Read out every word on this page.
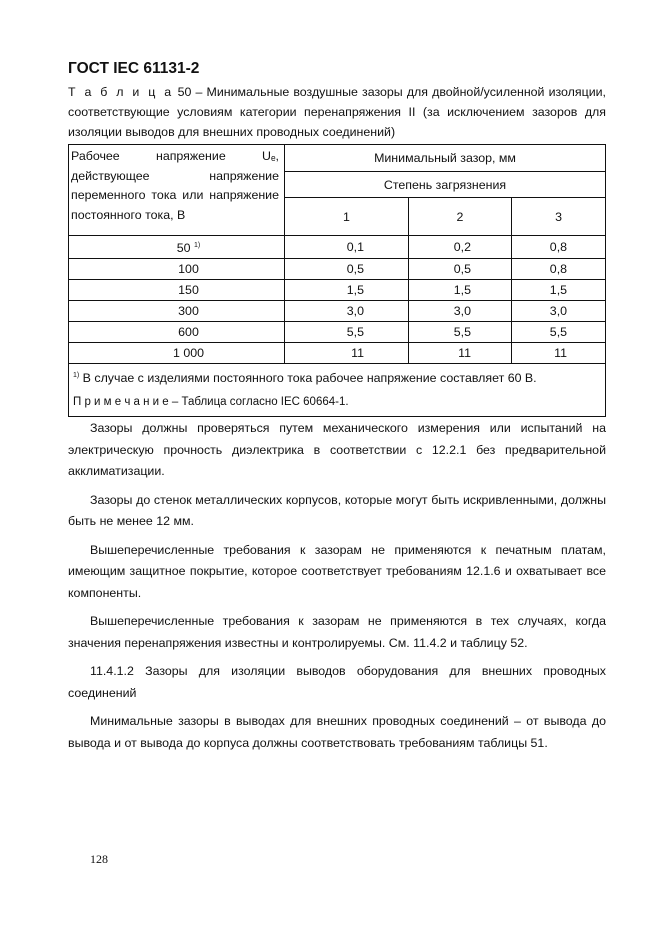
ГОСТ IEC 61131-2
Т а б л и ц а 50 – Минимальные воздушные зазоры для двойной/усиленной изоляции, соответствующие условиям категории перенапряжения II (за исключением зазоров для изоляции выводов для внешних проводных соединений)
Рабочее напряжение Uₑ, действующее напряжение переменного тока или напряжение постоянного тока, В	Минимальный зазор, мм		
	Степень загрязнения		
	1	2	3
50 $^{1)}$	0,1	0,2	0,8
100	0,5	0,5	0,8
150	1,5	1,5	1,5
300	3,0	3,0	3,0
600	5,5	5,5	5,5
1 000	11	11	11

$^{1)}$ В случае с изделиями постоянного тока рабочее напряжение составляет 60 В.
П р и м е ч а н и е – Таблица согласно IEC 60664-1.			

Зазоры должны проверяться путем механического измерения или испытаний на электрическую прочность диэлектрика в соответствии с 12.2.1 без предварительной акклиматизации.

Зазоры до стенок металлических корпусов, которые могут быть искривленными, должны быть не менее 12 мм.

Вышеперечисленные требования к зазорам не применяются к печатным платам, имеющим защитное покрытие, которое соответствует требованиям 12.1.6 и охватывает все компоненты.

Вышеперечисленные требования к зазорам не применяются в тех случаях, когда значения перенапряжения известны и контролируемы. См. 11.4.2 и таблицу 52.

11.4.1.2 Зазоры для изоляции выводов оборудования для внешних проводных соединений

Минимальные зазоры в выводах для внешних проводных соединений – от вывода до вывода и от вывода до корпуса должны соответствовать требованиям таблицы 51.

128
